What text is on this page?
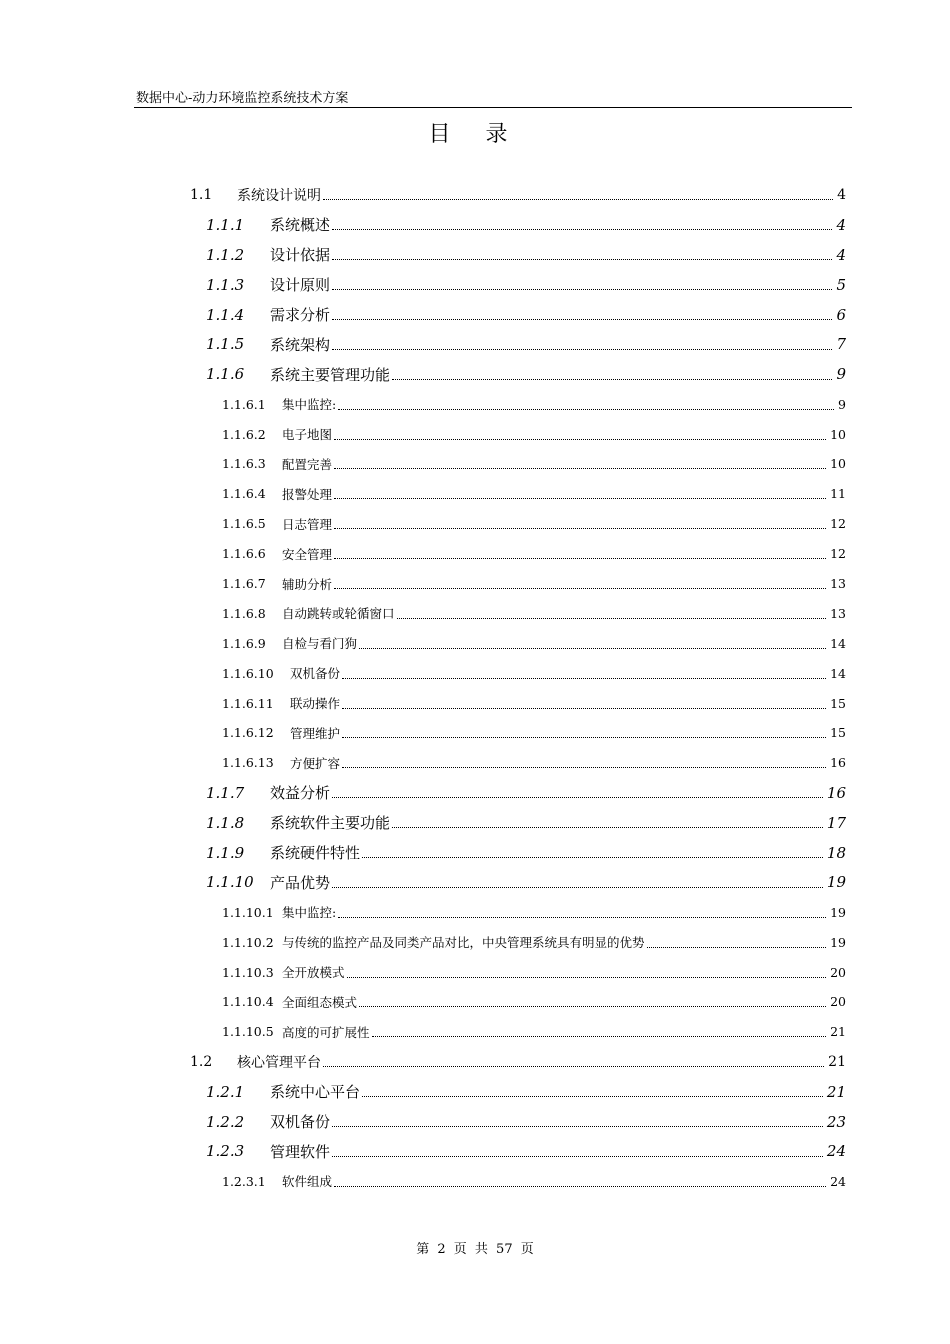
数据中心-动力环境监控系统技术方案
目 录
1.1	系统设计说明	4
1.1.1	系统概述	4
1.1.2	设计依据	4
1.1.3	设计原则	5
1.1.4	需求分析	6
1.1.5	系统架构	7
1.1.6	系统主要管理功能	9
1.1.6.1	集中监控:	9
1.1.6.2	电子地图	10
1.1.6.3	配置完善	10
1.1.6.4	报警处理	11
1.1.6.5	日志管理	12
1.1.6.6	安全管理	12
1.1.6.7	辅助分析	13
1.1.6.8	自动跳转或轮循窗口	13
1.1.6.9	自检与看门狗	14
1.1.6.10	双机备份	14
1.1.6.11	联动操作	15
1.1.6.12	管理维护	15
1.1.6.13	方便扩容	16
1.1.7	效益分析	16
1.1.8	系统软件主要功能	17
1.1.9	系统硬件特性	18
1.1.10	产品优势	19
1.1.10.1 集中监控:	19
1.1.10.2 与传统的监控产品及同类产品对比，中央管理系统具有明显的优势	19
1.1.10.3 全开放模式	20
1.1.10.4 全面组态模式	20
1.1.10.5 高度的可扩展性	21
1.2	核心管理平台	21
1.2.1	系统中心平台	21
1.2.2	双机备份	23
1.2.3	管理软件	24
1.2.3.1	软件组成	24
第 2 页 共 57 页
